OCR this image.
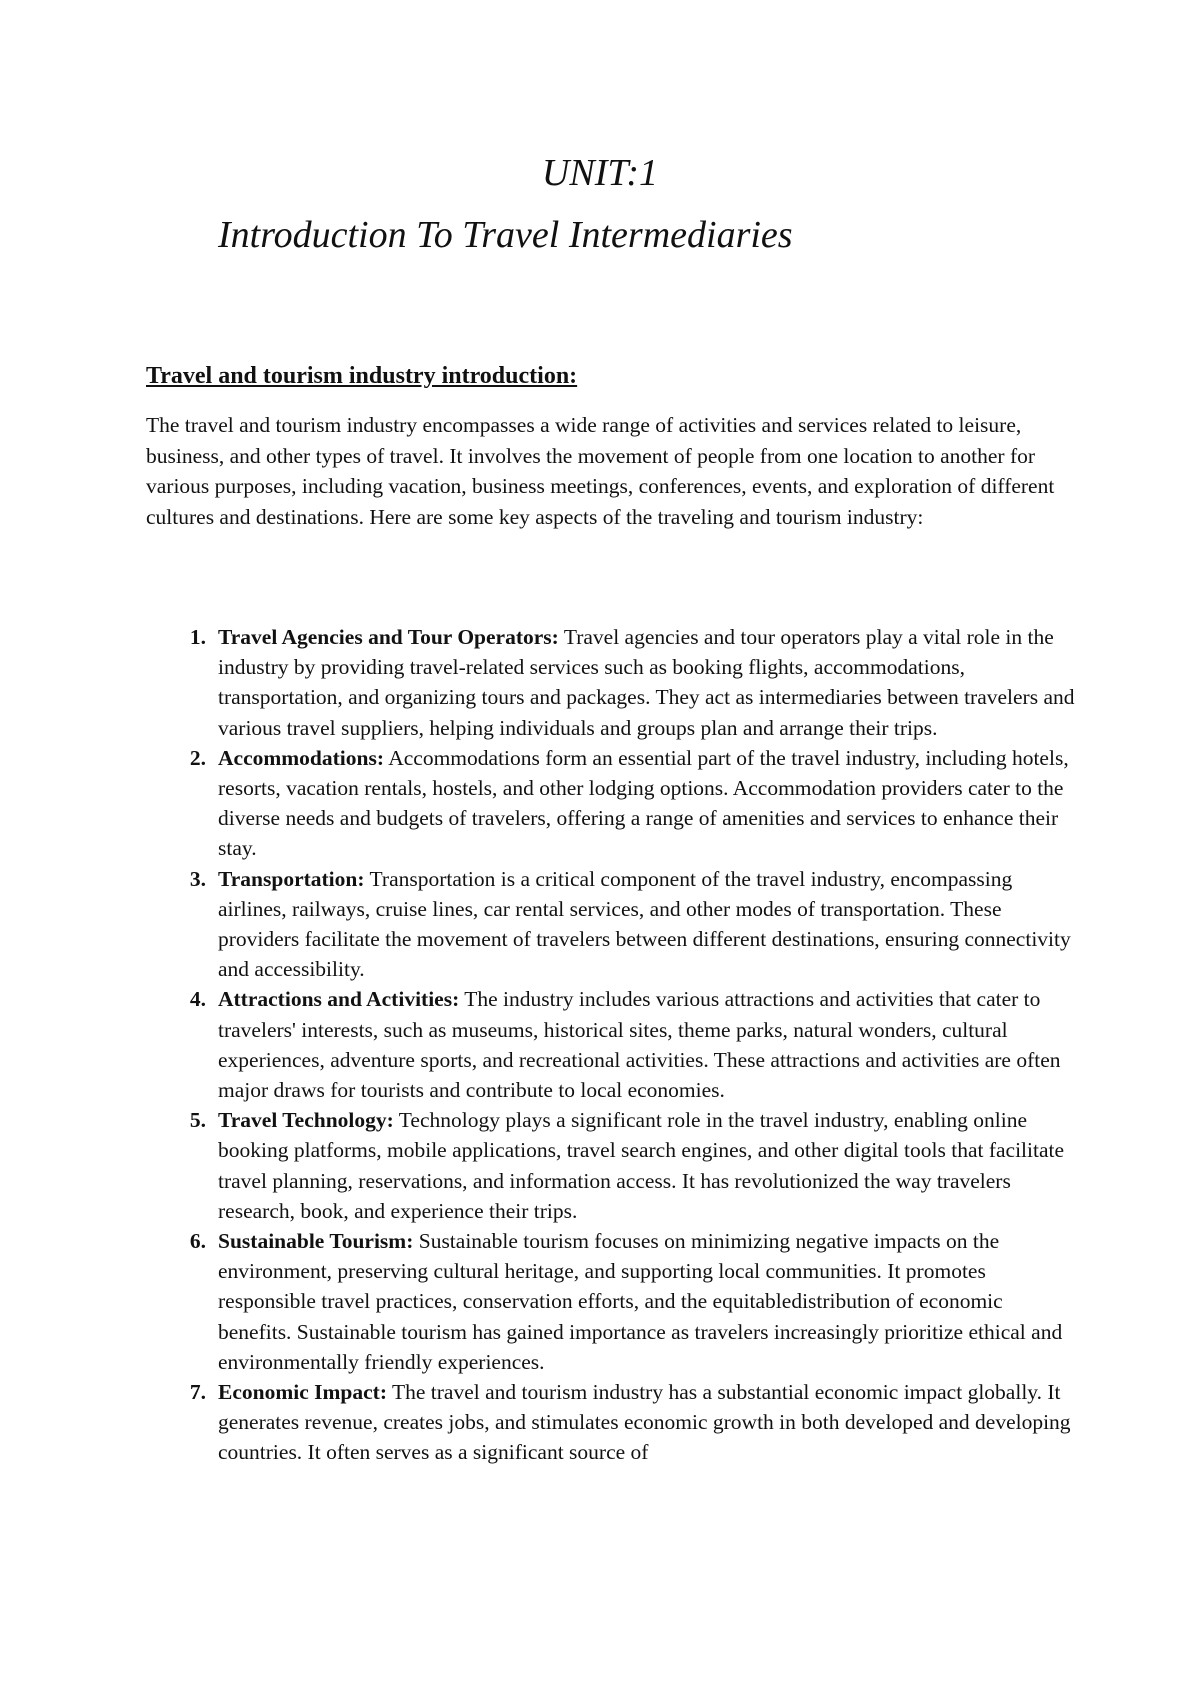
UNIT:1
Introduction To Travel Intermediaries
Travel and tourism industry introduction:

The travel and tourism industry encompasses a wide range of activities and services related to leisure, business, and other types of travel. It involves the movement of people from one location to another for various purposes, including vacation, business meetings, conferences, events, and exploration of different cultures and destinations. Here are some key aspects of the traveling and tourism industry:

1. Travel Agencies and Tour Operators: Travel agencies and tour operators play a vital role in the industry by providing travel-related services such as booking flights, accommodations, transportation, and organizing tours and packages. They act as intermediaries between travelers and various travel suppliers, helping individuals and groups plan and arrange their trips.
2. Accommodations: Accommodations form an essential part of the travel industry, including hotels, resorts, vacation rentals, hostels, and other lodging options. Accommodation providers cater to the diverse needs and budgets of travelers, offering a range of amenities and services to enhance their stay.
3. Transportation: Transportation is a critical component of the travel industry, encompassing airlines, railways, cruise lines, car rental services, and other modes of transportation. These providers facilitate the movement of travelers between different destinations, ensuring connectivity and accessibility.
4. Attractions and Activities: The industry includes various attractions and activities that cater to travelers' interests, such as museums, historical sites, theme parks, natural wonders, cultural experiences, adventure sports, and recreational activities. These attractions and activities are often major draws for tourists and contribute to local economies.
5. Travel Technology: Technology plays a significant role in the travel industry, enabling online booking platforms, mobile applications, travel search engines, and other digital tools that facilitate travel planning, reservations, and information access. It has revolutionized the way travelers research, book, and experience their trips.
6. Sustainable Tourism: Sustainable tourism focuses on minimizing negative impacts on the environment, preserving cultural heritage, and supporting local communities. It promotes responsible travel practices, conservation efforts, and the equitabledistribution of economic benefits. Sustainable tourism has gained importance as travelers increasingly prioritize ethical and environmentally friendly experiences.
7. Economic Impact: The travel and tourism industry has a substantial economic impact globally. It generates revenue, creates jobs, and stimulates economic growth in both developed and developing countries. It often serves as a significant source of
